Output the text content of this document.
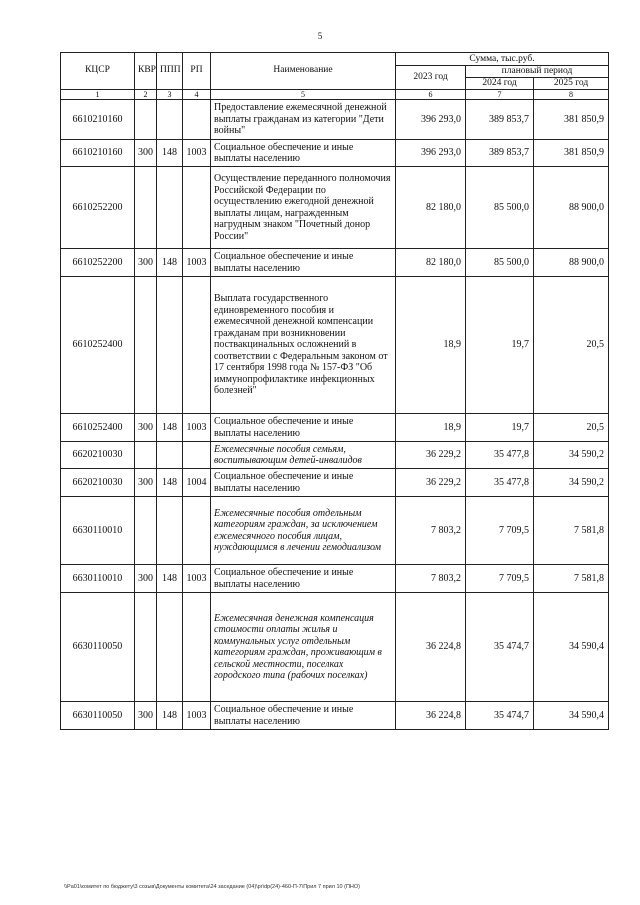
5
КЦСР	КВР	ППП	РП	Наименование	Сумма, тыс.руб.		
					2023 год	плановый период	
						2024 год	2025 год
1	2	3	4	5	6	7	8
6610210160				Предоставление ежемесячной денежной выплаты гражданам из категории "Дети войны"	396 293,0	389 853,7	381 850,9
6610210160	300	148	1003	Социальное обеспечение и иные выплаты населению	396 293,0	389 853,7	381 850,9
6610252200				Осуществление переданного полномочия Российской Федерации по осуществлению ежегодной денежной выплаты лицам, награжденным нагрудным знаком "Почетный донор России"	82 180,0	85 500,0	88 900,0
6610252200	300	148	1003	Социальное обеспечение и иные выплаты населению	82 180,0	85 500,0	88 900,0
6610252400				Выплата государственного единовременного пособия и ежемесячной денежной компенсации гражданам при возникновении поствакцинальных осложнений в соответствии с Федеральным законом от 17 сентября 1998 года № 157-ФЗ "Об иммунопрофилактике инфекционных болезней"	18,9	19,7	20,5
6610252400	300	148	1003	Социальное обеспечение и иные выплаты населению	18,9	19,7	20,5
6620210030				Ежемесячные пособия семьям, воспитывающим детей-инвалидов	36 229,2	35 477,8	34 590,2
6620210030	300	148	1004	Социальное обеспечение и иные выплаты населению	36 229,2	35 477,8	34 590,2
6630110010				Ежемесячные пособия отдельным категориям граждан, за исключением ежемесячного пособия лицам, нуждающимся в лечении гемодиализом	7 803,2	7 709,5	7 581,8
6630110010	300	148	1003	Социальное обеспечение и иные выплаты населению	7 803,2	7 709,5	7 581,8
6630110050				Ежемесячная денежная компенсация стоимости оплаты жилья и коммунальных услуг отдельным категориям граждан, проживающим в сельской местности, поселках городского типа (рабочих поселках)	36 224,8	35 474,7	34 590,4
6630110050	300	148	1003	Социальное обеспечение и иные выплаты населению	36 224,8	35 474,7	34 590,4
\\Pa01\комитет по бюджету\3 созыв\Документы комитета\24 заседание (04)\pr\dp(24)-460-П-7\Прил 7 прил 10 (ПНО)
